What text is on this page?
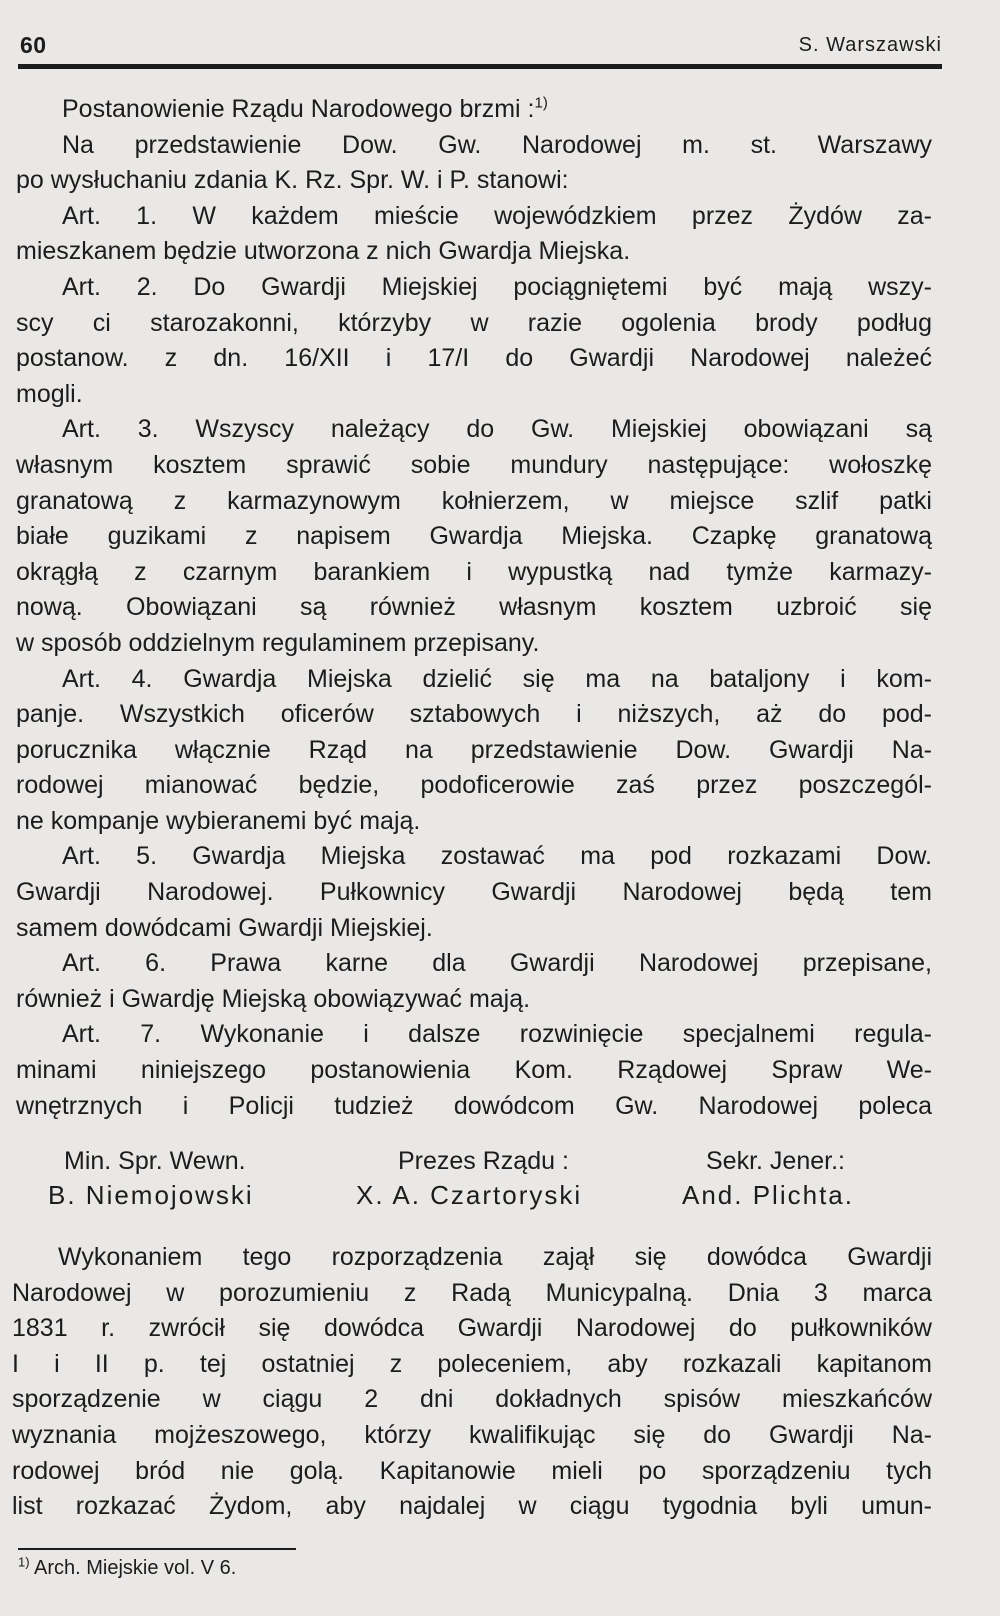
60	S. Warszawski
Postanowienie Rządu Narodowego brzmi :$^{1)}$
Na przedstawienie Dow. Gw. Narodowej m. st. Warszawy
po wysłuchaniu zdania K. Rz. Spr. W. i P. stanowi:
Art. 1. W każdem mieście wojewódzkiem przez Żydów za-
mieszkanem będzie utworzona z nich Gwardja Miejska.
Art. 2. Do Gwardji Miejskiej pociągniętemi być mają wszy-
scy ci starozakonni, którzyby w razie ogolenia brody podług
postanow. z dn. 16/XII i 17/I do Gwardji Narodowej należeć
mogli.
Art. 3. Wszyscy należący do Gw. Miejskiej obowiązani są
własnym kosztem sprawić sobie mundury następujące: wołoszkę
granatową z karmazynowym kołnierzem, w miejsce szlif patki
białe guzikami z napisem Gwardja Miejska. Czapkę granatową
okrągłą z czarnym barankiem i wypustką nad tymże karmazy-
nową. Obowiązani są również własnym kosztem uzbroić się
w sposób oddzielnym regulaminem przepisany.
Art. 4. Gwardja Miejska dzielić się ma na bataljony i kom-
panje. Wszystkich oficerów sztabowych i niższych, aż do pod-
porucznika włącznie Rząd na przedstawienie Dow. Gwardji Na-
rodowej mianować będzie, podoficerowie zaś przez poszczegól-
ne kompanje wybieranemi być mają.
Art. 5. Gwardja Miejska zostawać ma pod rozkazami Dow.
Gwardji Narodowej. Pułkownicy Gwardji Narodowej będą tem
samem dowódcami Gwardji Miejskiej.
Art. 6. Prawa karne dla Gwardji Narodowej przepisane,
również i Gwardję Miejską obowiązywać mają.
Art. 7. Wykonanie i dalsze rozwinięcie specjalnemi regula-
minami niniejszego postanowienia Kom. Rządowej Spraw We-
wnętrznych i Policji tudzież dowódcom Gw. Narodowej poleca
Min. Spr. Wewn.
B. Niemojowski
Prezes Rządu :
X. A. Czartoryski
Sekr. Jener.:
And. Plichta.
Wykonaniem tego rozporządzenia zajął się dowódca Gwardji
Narodowej w porozumieniu z Radą Municypalną. Dnia 3 marca
1831 r. zwrócił się dowódca Gwardji Narodowej do pułkowników
I i II p. tej ostatniej z poleceniem, aby rozkazali kapitanom
sporządzenie w ciągu 2 dni dokładnych spisów mieszkańców
wyznania mojżeszowego, którzy kwalifikując się do Gwardji Na-
rodowej bród nie golą. Kapitanowie mieli po sporządzeniu tych
list rozkazać Żydom, aby najdalej w ciągu tygodnia byli umun-
$^{1)}$ Arch. Miejskie vol. V 6.
